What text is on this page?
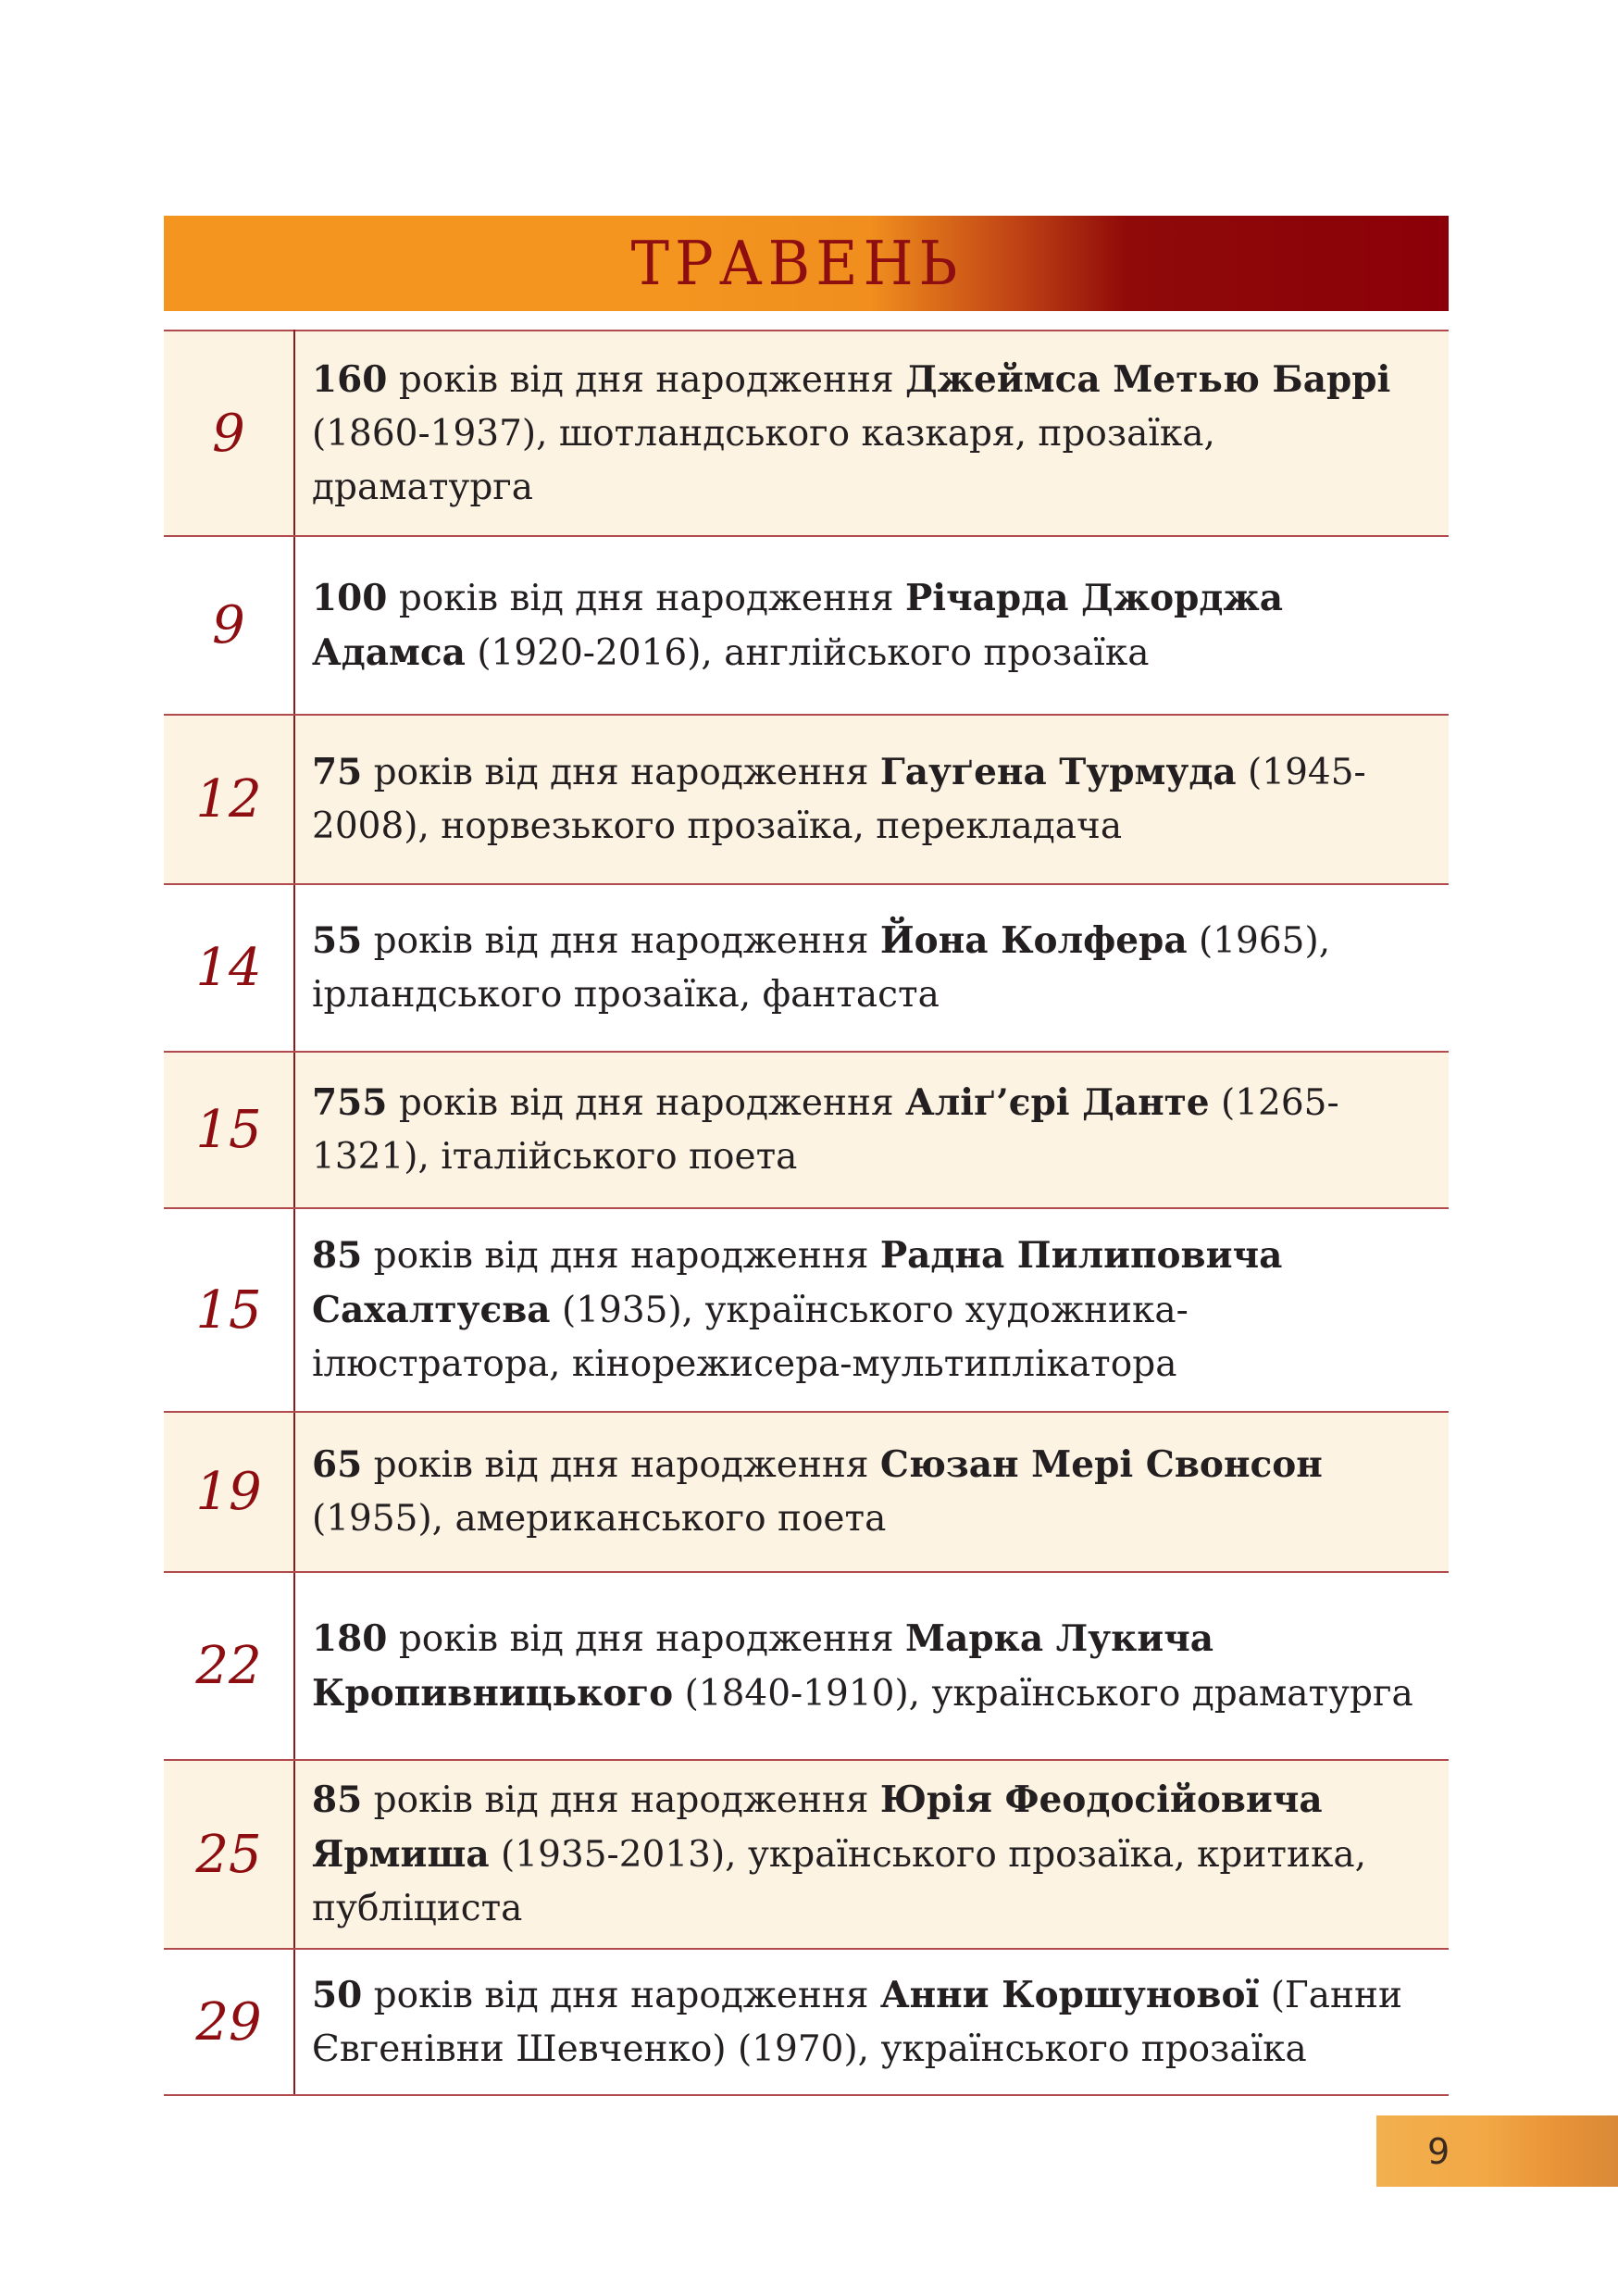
ТРАВЕНЬ
9	160 років від дня народження Джеймса Метью Баррі (1860-1937), шотландського казкаря, прозаїка, драматурга
9	100 років від дня народження Річарда Джорджа Адамса (1920-2016), англійського прозаїка
12	75 років від дня народження Гауґена Турмуда (1945-2008), норвезького прозаїка, перекладача
14	55 років від дня народження Йона Колфера (1965), ірландського прозаїка, фантаста
15	755 років від дня народження Аліґ’єрі Данте (1265-1321), італійського поета
15	85 років від дня народження Радна Пилиповича Сахалтуєва (1935), українського художника-ілюстратора, кінорежисера-мультиплікатора
19	65 років від дня народження Сюзан Мері Свонсон (1955), американського поета
22	180 років від дня народження Марка Лукича Кропивницького (1840-1910), українського драматурга
25	85 років від дня народження Юрія Феодосійовича Ярмиша (1935-2013), українського прозаїка, критика, публіциста
29	50 років від дня народження Анни Коршунової (Ганни Євгенівни Шевченко) (1970), українського прозаїка
9
